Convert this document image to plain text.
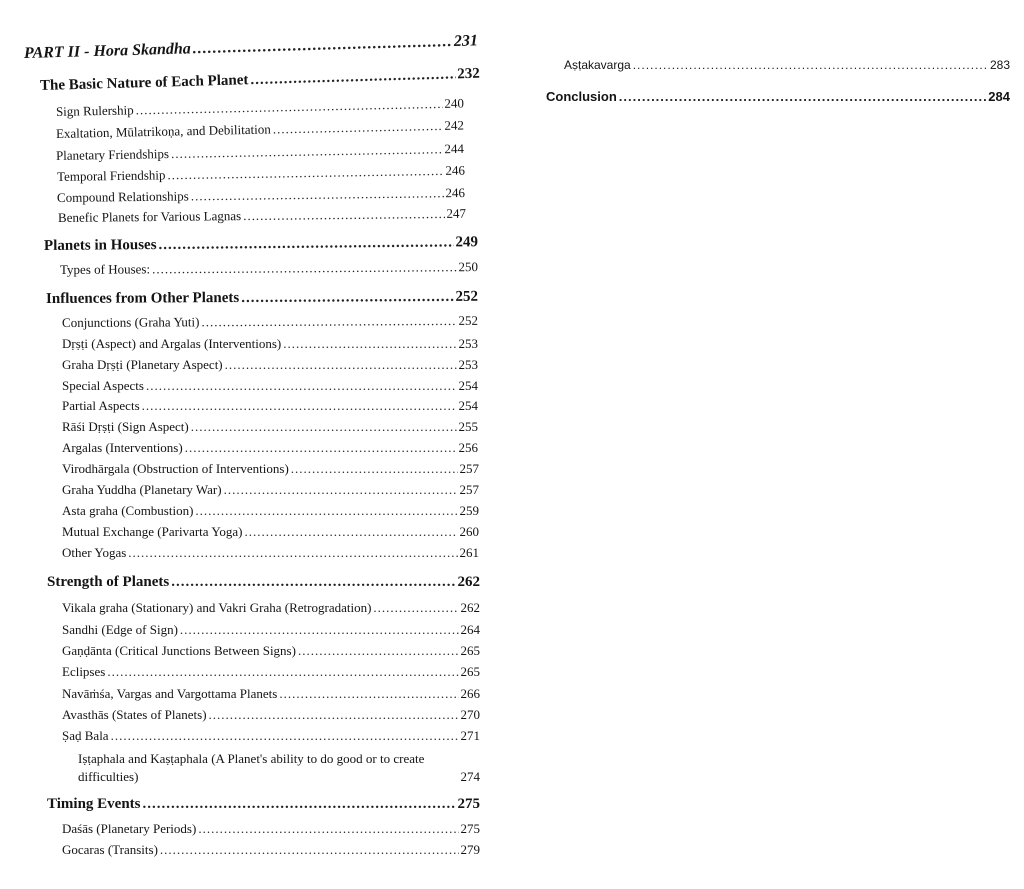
PART II - Hora Skandha .....	231
The Basic Nature of Each Planet .....	232
Sign Rulership .....	240
Exaltation, Mūlatrikoṇa, and Debilitation .....	242
Planetary Friendships .....	244
Temporal Friendship .....	246
Compound Relationships .....	246
Benefic Planets for Various Lagnas .....	247
Planets in Houses .....	249
Types of Houses: .....	250
Influences from Other Planets .....	252
Conjunctions (Graha Yuti) .....	252
Dṛṣṭi (Aspect) and Argalas (Interventions) .....	253
Graha Dṛṣṭi (Planetary Aspect) .....	253
Special Aspects .....	254
Partial Aspects .....	254
Rāśi Dṛṣṭi (Sign Aspect) .....	255
Argalas (Interventions) .....	256
Virodhārgala (Obstruction of Interventions) .....	257
Graha Yuddha (Planetary War) .....	257
Asta graha (Combustion) .....	259
Mutual Exchange (Parivarta Yoga) .....	260
Other Yogas .....	261
Strength of Planets .....	262
Vikala graha (Stationary) and Vakri Graha (Retrogradation) .....	262
Sandhi (Edge of Sign) .....	264
Gaṇḍānta (Critical Junctions Between Signs) .....	265
Eclipses .....	265
Navāṁśa, Vargas and Vargottama Planets .....	266
Avasthās (States of Planets) .....	270
Ṣaḍ Bala .....	271
Iṣṭaphala and Kaṣṭaphala (A Planet's ability to do good or to create difficulties)	274
Timing Events .....	275
Daśās (Planetary Periods) .....	275
Gocaras (Transits) .....	279
Aṣṭakavarga .....	283
Conclusion .....	284
